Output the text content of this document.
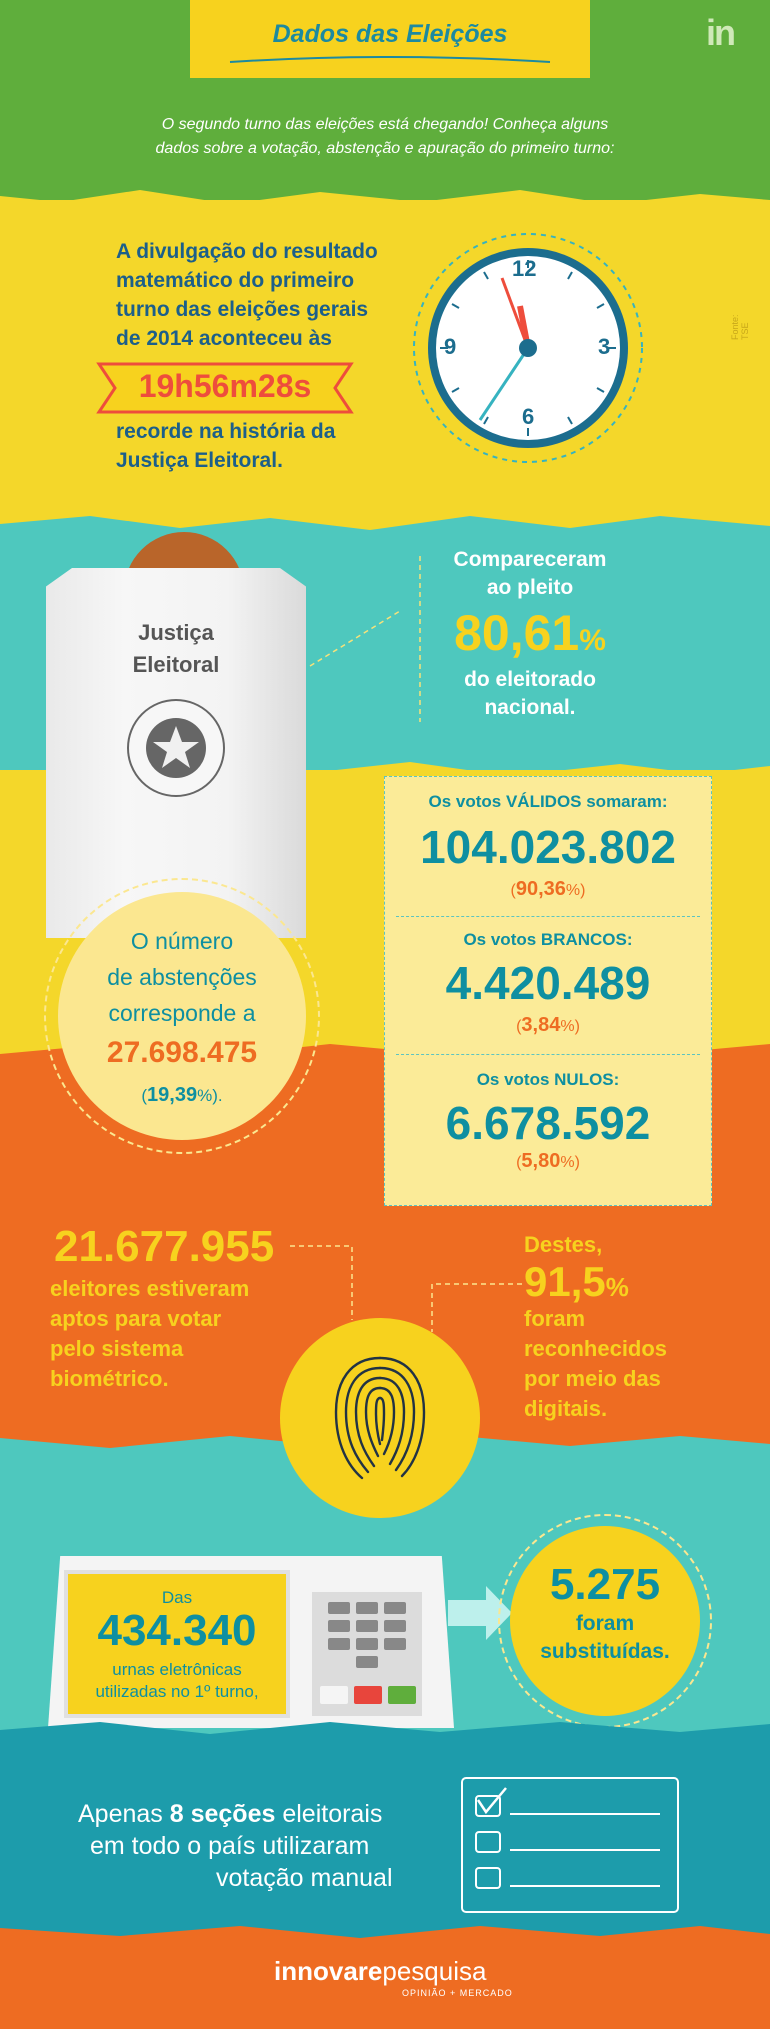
Dados das Eleições	in
O segundo turno das eleições está chegando! Conheça alguns
dados sobre a votação, abstenção e apuração do primeiro turno:
A divulgação do resultado
matemático do primeiro
turno das eleições gerais
de 2014 aconteceu às
19h56m28s
recorde na história da
Justiça Eleitoral.
12
3
6
9
Fonte: TSE
Justiça
Eleitoral
Compareceram
ao pleito
80,61%
do eleitorado
nacional.
Os votos VÁLIDOS somaram:
104.023.802
(90,36%)
Os votos BRANCOS:
4.420.489
(3,84%)
Os votos NULOS:
6.678.592
(5,80%)
O número
de abstenções
corresponde a
27.698.475
(19,39%).
21.677.955
eleitores estiveram
aptos para votar
pelo sistema
biométrico.
Destes,
91,5%
foram
reconhecidos
por meio das
digitais.
Das
434.340
urnas eletrônicas
utilizadas no 1º turno,
5.275
foram
substituídas.
Apenas 8 seções eleitorais
em todo o país utilizaram
votação manual
innovarepesquisa
OPINIÃO + MERCADO
